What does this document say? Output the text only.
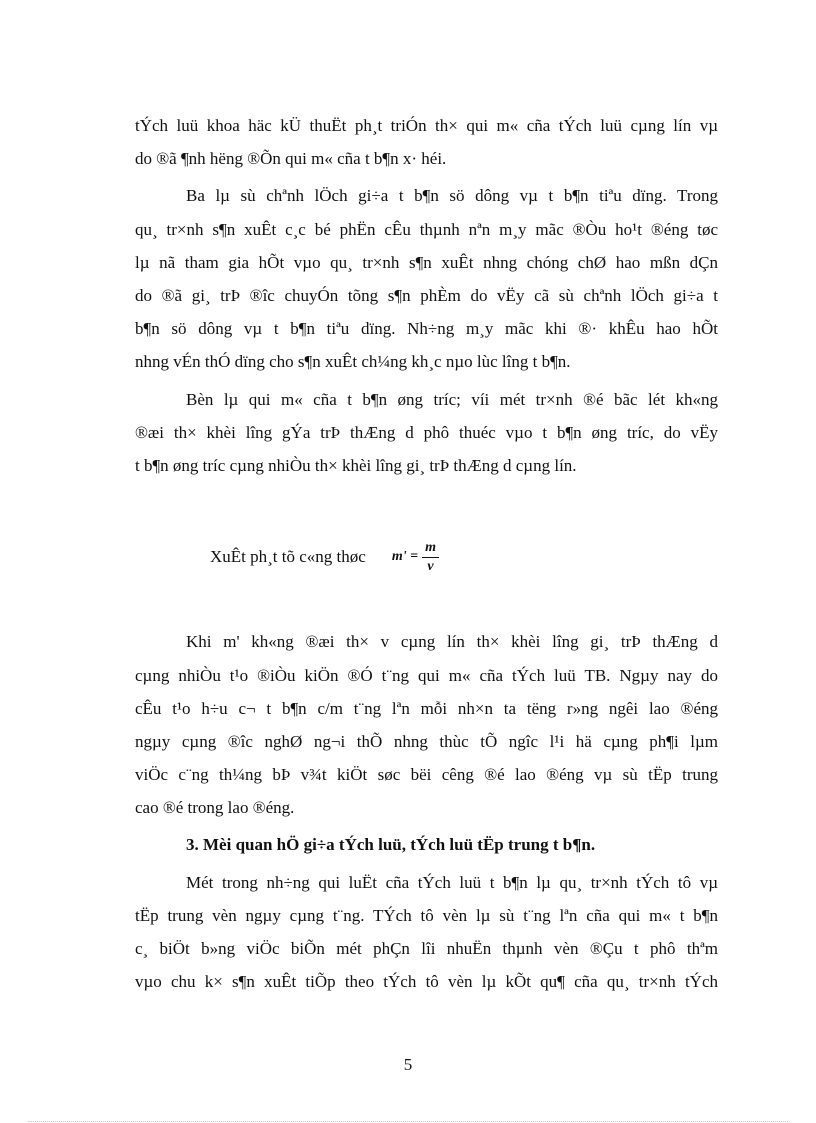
tÝch luü khoa häc kÜ thuËt ph¸t triÓn th× qui m« cña tÝch luü cµng lín vµ
do ®ã ¶nh hëng ®Õn qui m« cña t b¶n x· héi.
Ba lµ sù chªnh lÖch gi÷a t b¶n sö dông vµ t b¶n tiªu dïng. Trong
qu¸ tr×nh s¶n xuÊt c¸c bé phËn cÊu thµnh nªn m¸y mãc ®Òu ho¹t ®éng tøc
lµ nã tham gia hÕt vµo qu¸ tr×nh s¶n xuÊt nhng chóng chØ hao mßn dÇn
do ®ã gi¸ trÞ ®îc chuyÓn tõng s¶n phÈm do vËy cã sù chªnh lÖch gi÷a t
b¶n sö dông vµ t b¶n tiªu dïng. Nh÷ng m¸y mãc khi ®· khÊu hao hÕt
nhng vÉn thÓ dïng cho s¶n xuÊt ch¼ng kh¸c nµo lùc lîng t b¶n.
Bèn lµ qui m« cña t b¶n øng tríc; víi mét tr×nh ®é bãc lét kh«ng
®æi th× khèi lîng gÝa trÞ thÆng d phô thuéc vµo t b¶n øng tríc, do vËy
t b¶n øng tríc cµng nhiÒu th× khèi lîng gi¸ trÞ thÆng d cµng lín.
XuÊt ph¸t tõ c«ng thøc $m' = \frac{m}{v}$
Khi m' kh«ng ®æi th× v cµng lín th× khèi lîng gi¸ trÞ thÆng d
cµng nhiÒu t¹o ®iÒu kiÖn ®Ó t¨ng qui m« cña tÝch luü TB. Ngµy nay do
cÊu t¹o h÷u c¬ t b¶n c/m t¨ng lªn mỗi nh×n ta tëng r»ng ngêi lao ®éng
ngµy cµng ®îc nghØ ng¬i thÕ nhng thùc tÕ ngîc l¹i hä cµng ph¶i lµm
viÖc c¨ng th¼ng bÞ v¾t kiÖt søc bëi cêng ®é lao ®éng vµ sù tËp trung
cao ®é trong lao ®éng.
3. Mèi quan hÖ gi÷a tÝch luü, tÝch luü tËp trung t b¶n.
Mét trong nh÷ng qui luËt cña tÝch luü t b¶n lµ qu¸ tr×nh tÝch tô vµ
tËp trung vèn ngµy cµng t¨ng. TÝch tô vèn lµ sù t¨ng lªn cña qui m« t b¶n
c¸ biÖt b»ng viÖc biÕn mét phÇn lîi nhuËn thµnh vèn ®Çu t phô thªm
vµo chu k× s¶n xuÊt tiÕp theo tÝch tô vèn lµ kÕt qu¶ cña qu¸ tr×nh tÝch
5
